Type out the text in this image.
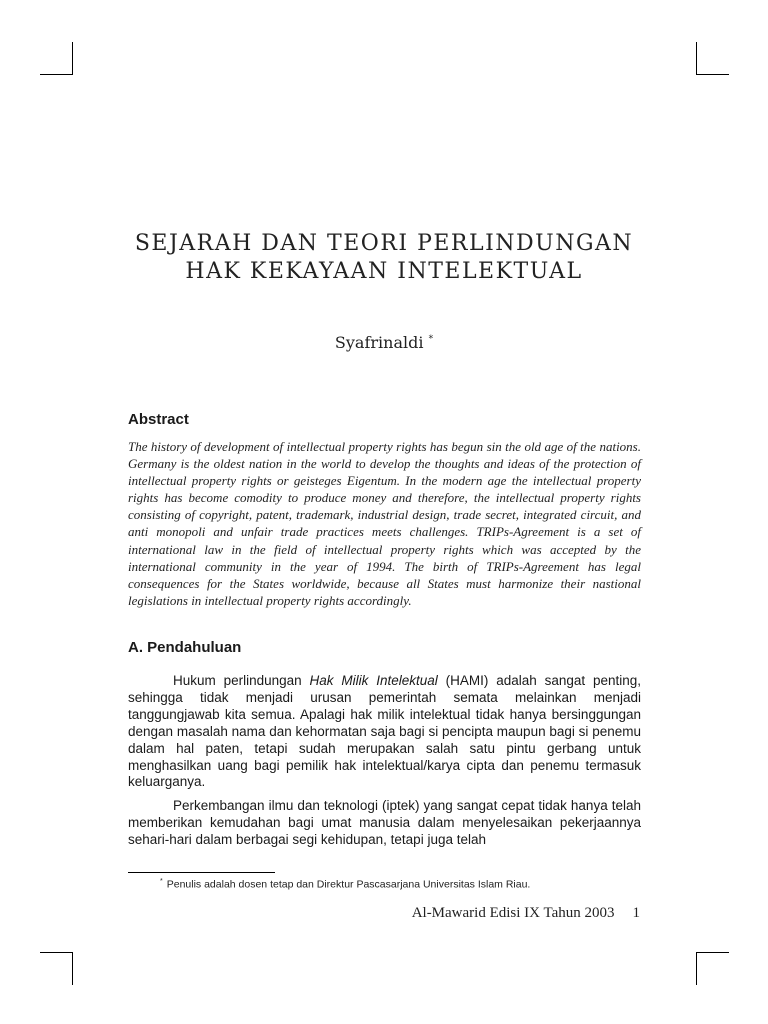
SEJARAH DAN TEORI PERLINDUNGAN
HAK KEKAYAAN INTELEKTUAL
Syafrinaldi *
Abstract
The history of development of intellectual property rights has begun sin the old age of the nations. Germany is the oldest nation in the world to develop the thoughts and ideas of the protection of intellectual property rights or geisteges Eigentum. In the modern age the intellectual property rights has become comodity to produce money and therefore, the intellectual property rights consisting of copyright, patent, trademark, industrial design, trade secret, integrated circuit, and anti monopoli and unfair trade practices meets challenges. TRIPs-Agreement is a set of international law in the field of intellectual property rights which was accepted by the international community in the year of 1994. The birth of TRIPs-Agreement has legal consequences for the States worldwide, because all States must harmonize their nastional legislations in intellectual property rights accordingly.
A. Pendahuluan

Hukum perlindungan Hak Milik Intelektual (HAMI) adalah sangat penting, sehingga tidak menjadi urusan pemerintah semata melainkan menjadi tanggungjawab kita semua. Apalagi hak milik intelektual tidak hanya bersinggungan dengan masalah nama dan kehormatan saja bagi si pencipta maupun bagi si penemu dalam hal paten, tetapi sudah merupakan salah satu pintu gerbang untuk menghasilkan uang bagi pemilik hak intelektual/karya cipta dan penemu termasuk keluarganya.

Perkembangan ilmu dan teknologi (iptek) yang sangat cepat tidak hanya telah memberikan kemudahan bagi umat manusia dalam menyelesaikan pekerjaannya sehari-hari dalam berbagai segi kehidupan, tetapi juga telah

* Penulis adalah dosen tetap dan Direktur Pascasarjana Universitas Islam Riau.
Al-Mawarid Edisi IX Tahun 2003 1
